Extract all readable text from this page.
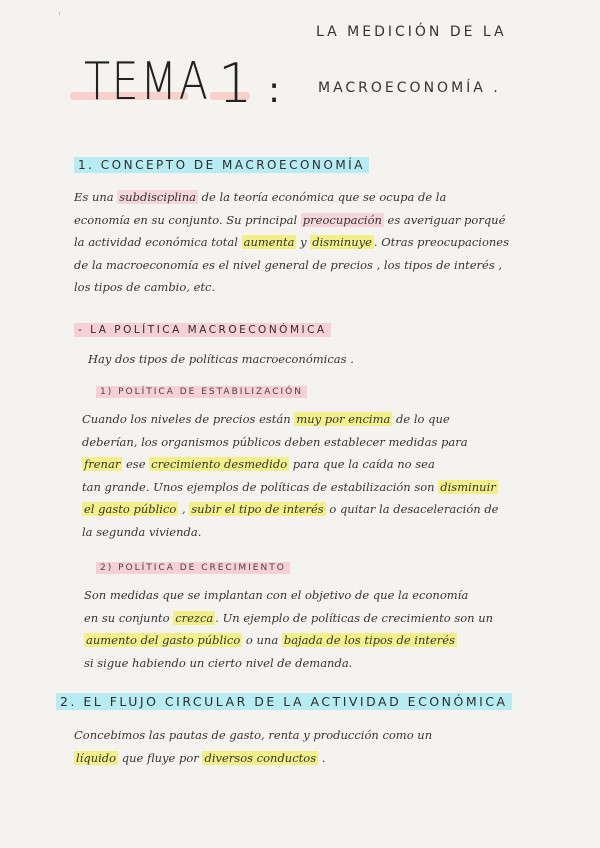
'
LA MEDICIÓN DE LA
MACROECONOMÍA .
TEMA 1 :
1. CONCEPTO DE MACROECONOMÍA

Es una subdisciplina de la teoría económica que se ocupa de la

economía en su conjunto. Su principal preocupación es averiguar porqué

la actividad económica total aumenta y disminuye . Otras preocupaciones

de la macroeconomía es el nivel general de precios , los tipos de interés ,

los tipos de cambio, etc.

- LA POLÍTICA MACROECONÓMICA

Hay dos tipos de políticas macroeconómicas .

1) POLÍTICA DE ESTABILIZACIÓN

Cuando los niveles de precios están muy por encima de lo que

deberían, los organismos públicos deben establecer medidas para

frenar ese crecimiento desmedido para que la caída no sea

tan grande. Unos ejemplos de políticas de estabilización son disminuir

el gasto público , subir el tipo de interés o quitar la desaceleración de

la segunda vivienda.

2) POLÍTICA DE CRECIMIENTO

Son medidas que se implantan con el objetivo de que la economía

en su conjunto crezca . Un ejemplo de políticas de crecimiento son un

aumento del gasto público o una bajada de los tipos de interés

si sigue habiendo un cierto nivel de demanda.

2. EL FLUJO CIRCULAR DE LA ACTIVIDAD ECONÓMICA

Concebimos las pautas de gasto, renta y producción como un

líquido que fluye por diversos conductos .
